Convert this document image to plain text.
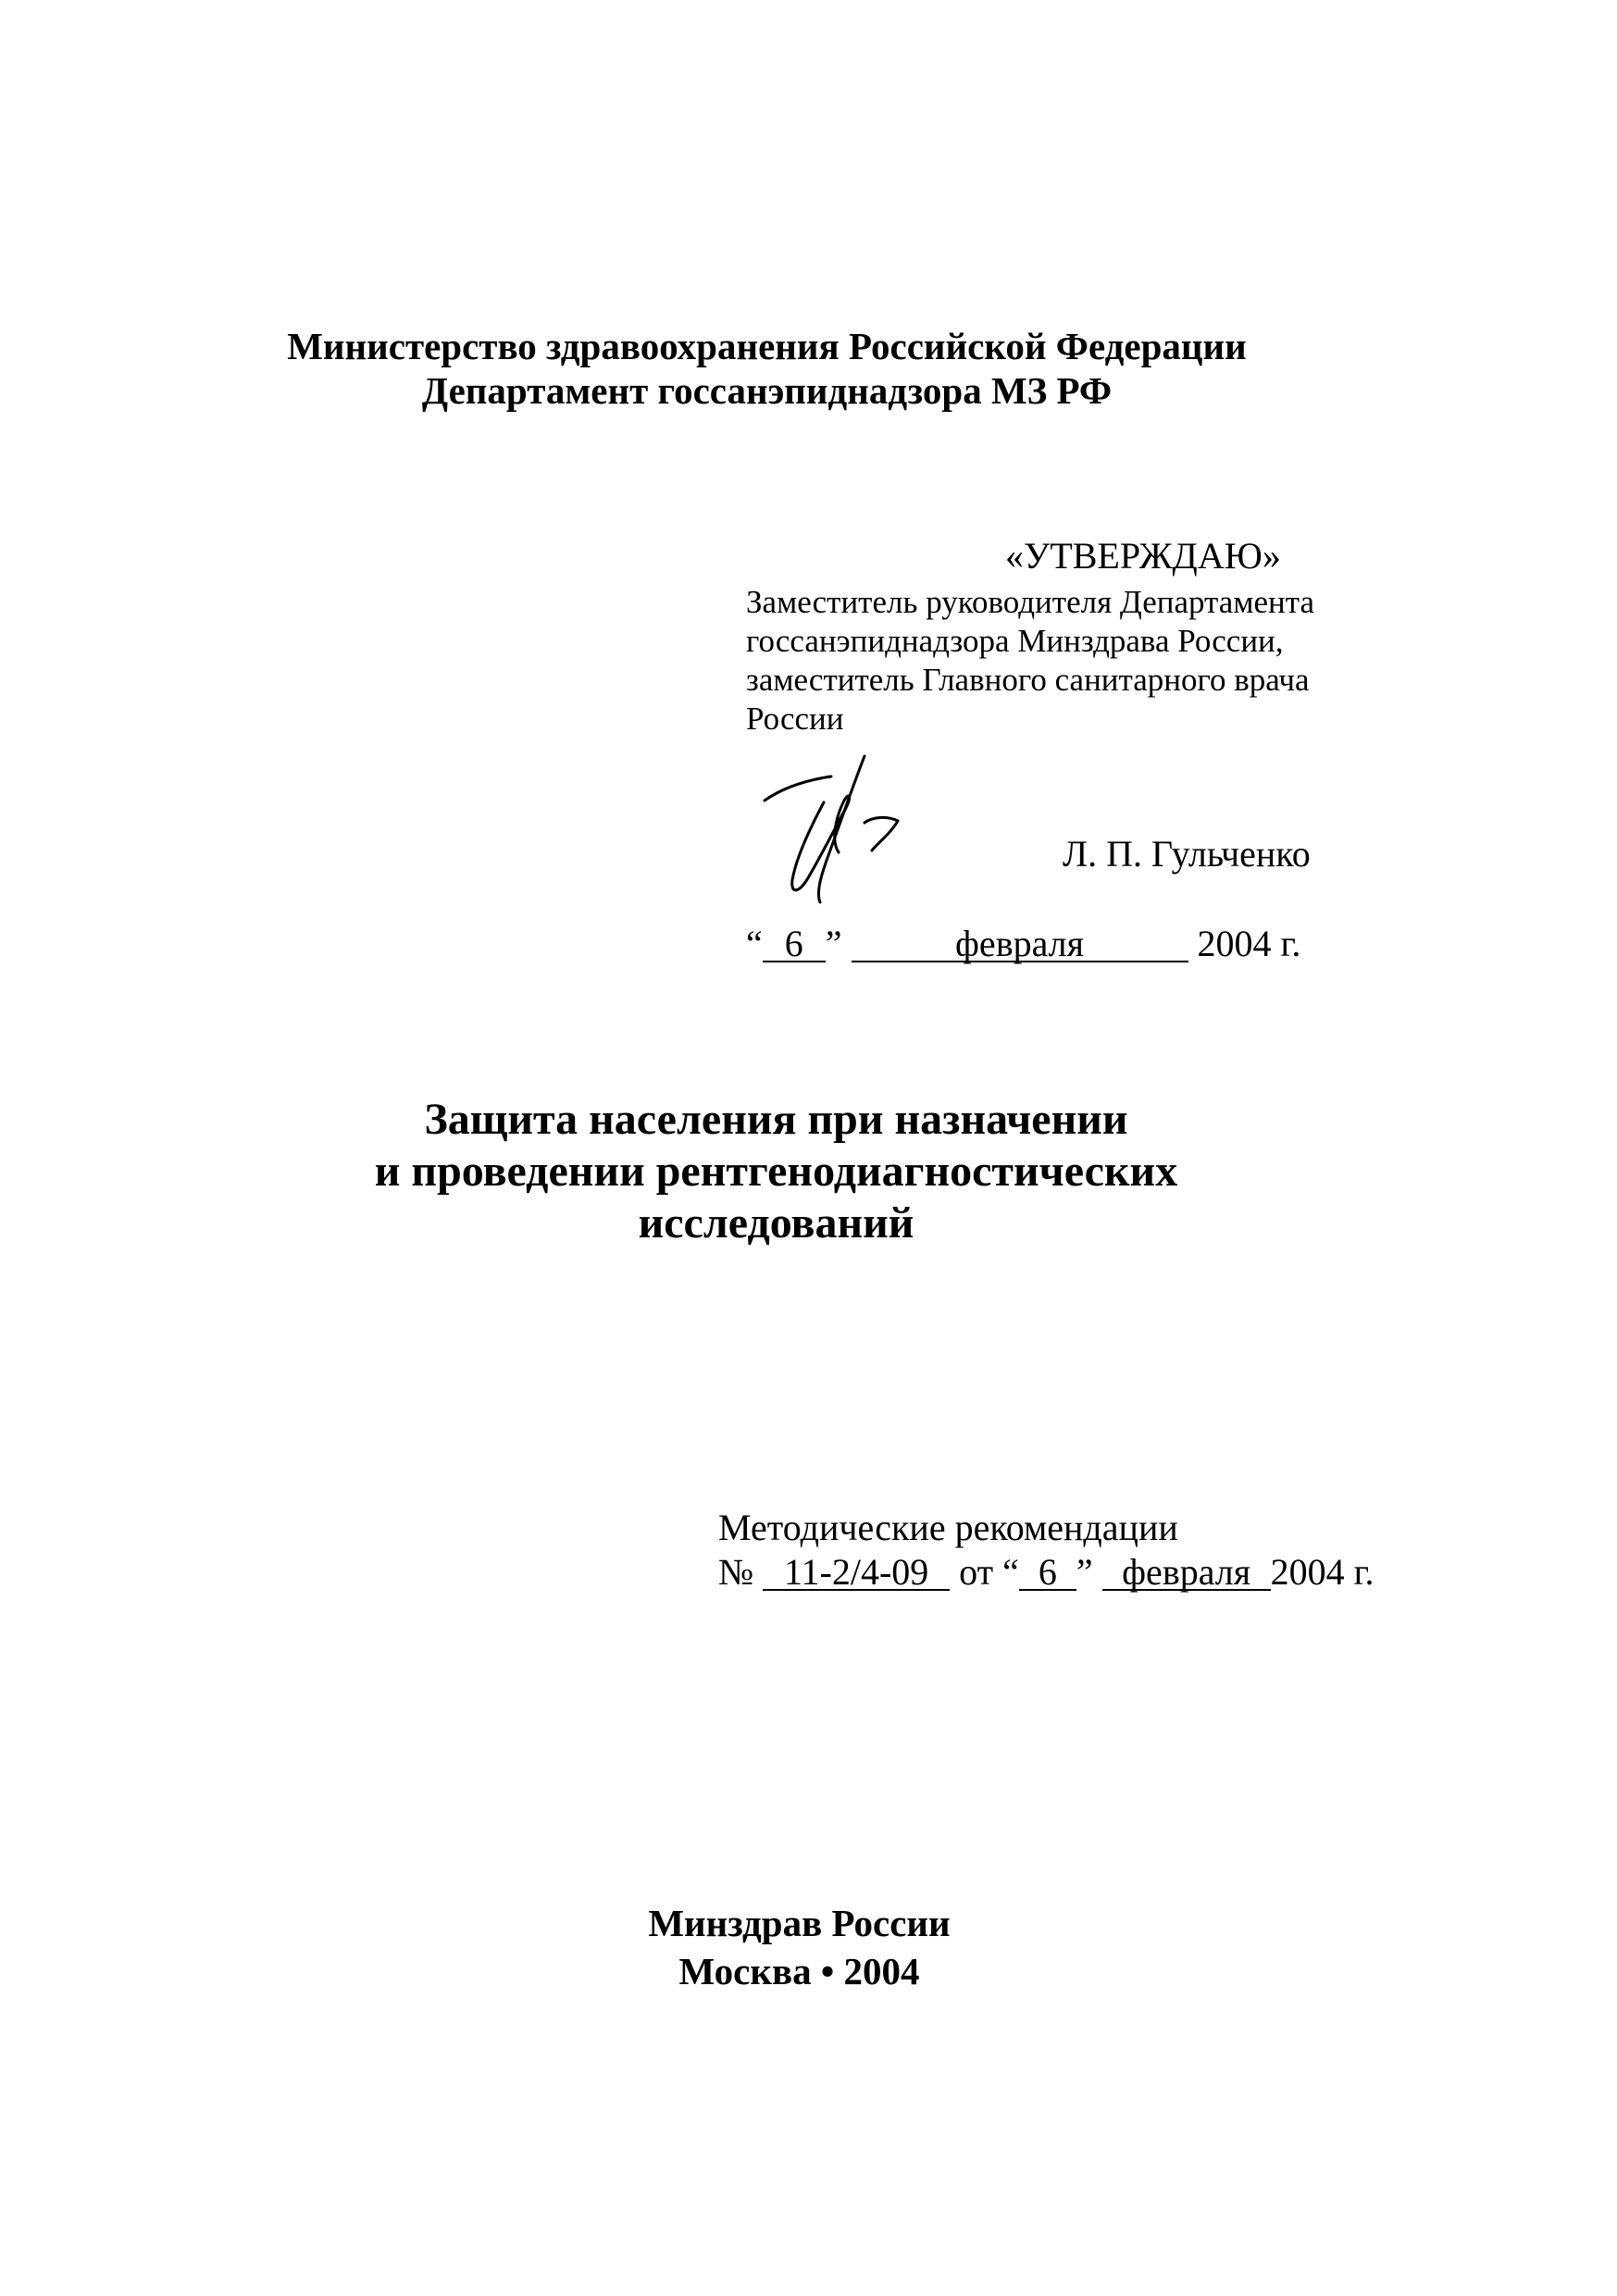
Министерство здравоохранения Российской Федерации
Департамент госсанэпиднадзора МЗ РФ
«УТВЕРЖДАЮ»
Заместитель руководителя Департамента
госсанэпиднадзора Минздрава России,
заместитель Главного санитарного врача
России
Л. П. Гульченко
“ 6 ”	февраля	2004 г.
Защита населения при назначении
и проведении рентгенодиагностических
исследований
Методические рекомендации
№ 11-2/4-09 от “ 6 ” февраля 2004 г.
Минздрав России
Москва • 2004
